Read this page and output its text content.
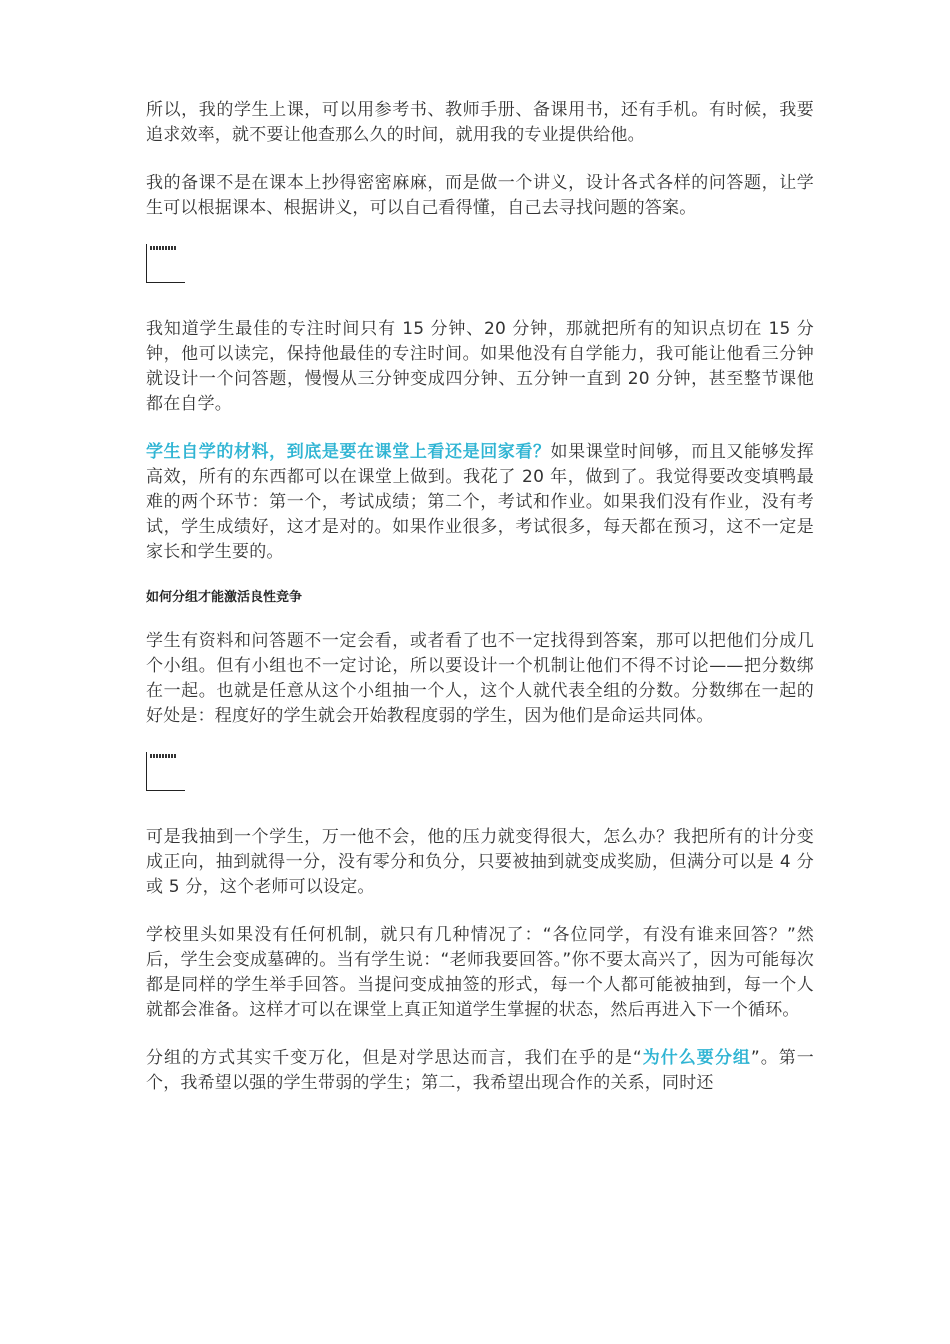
所以，我的学生上课，可以用参考书、教师手册、备课用书，还有手机。有时候，我要追求效率，就不要让他查那么久的时间，就用我的专业提供给他。

我的备课不是在课本上抄得密密麻麻，而是做一个讲义，设计各式各样的问答题，让学生可以根据课本、根据讲义，可以自己看得懂，自己去寻找问题的答案。

我知道学生最佳的专注时间只有 15 分钟、20 分钟，那就把所有的知识点切在 15 分钟，他可以读完，保持他最佳的专注时间。如果他没有自学能力，我可能让他看三分钟就设计一个问答题，慢慢从三分钟变成四分钟、五分钟一直到 20 分钟，甚至整节课他都在自学。

学生自学的材料，到底是要在课堂上看还是回家看？如果课堂时间够，而且又能够发挥高效，所有的东西都可以在课堂上做到。我花了 20 年，做到了。我觉得要改变填鸭最难的两个环节：第一个，考试成绩；第二个，考试和作业。如果我们没有作业，没有考试，学生成绩好，这才是对的。如果作业很多，考试很多，每天都在预习，这不一定是家长和学生要的。

如何分组才能激活良性竞争

学生有资料和问答题不一定会看，或者看了也不一定找得到答案，那可以把他们分成几个小组。但有小组也不一定讨论，所以要设计一个机制让他们不得不讨论——把分数绑在一起。也就是任意从这个小组抽一个人，这个人就代表全组的分数。分数绑在一起的好处是：程度好的学生就会开始教程度弱的学生，因为他们是命运共同体。

可是我抽到一个学生，万一他不会，他的压力就变得很大，怎么办？我把所有的计分变成正向，抽到就得一分，没有零分和负分，只要被抽到就变成奖励，但满分可以是 4 分或 5 分，这个老师可以设定。

学校里头如果没有任何机制，就只有几种情况了：“各位同学，有没有谁来回答？”然后，学生会变成墓碑的。当有学生说：“老师我要回答。”你不要太高兴了，因为可能每次都是同样的学生举手回答。当提问变成抽签的形式，每一个人都可能被抽到，每一个人就都会准备。这样才可以在课堂上真正知道学生掌握的状态，然后再进入下一个循环。

分组的方式其实千变万化，但是对学思达而言，我们在乎的是“为什么要分组”。第一个，我希望以强的学生带弱的学生；第二，我希望出现合作的关系，同时还
